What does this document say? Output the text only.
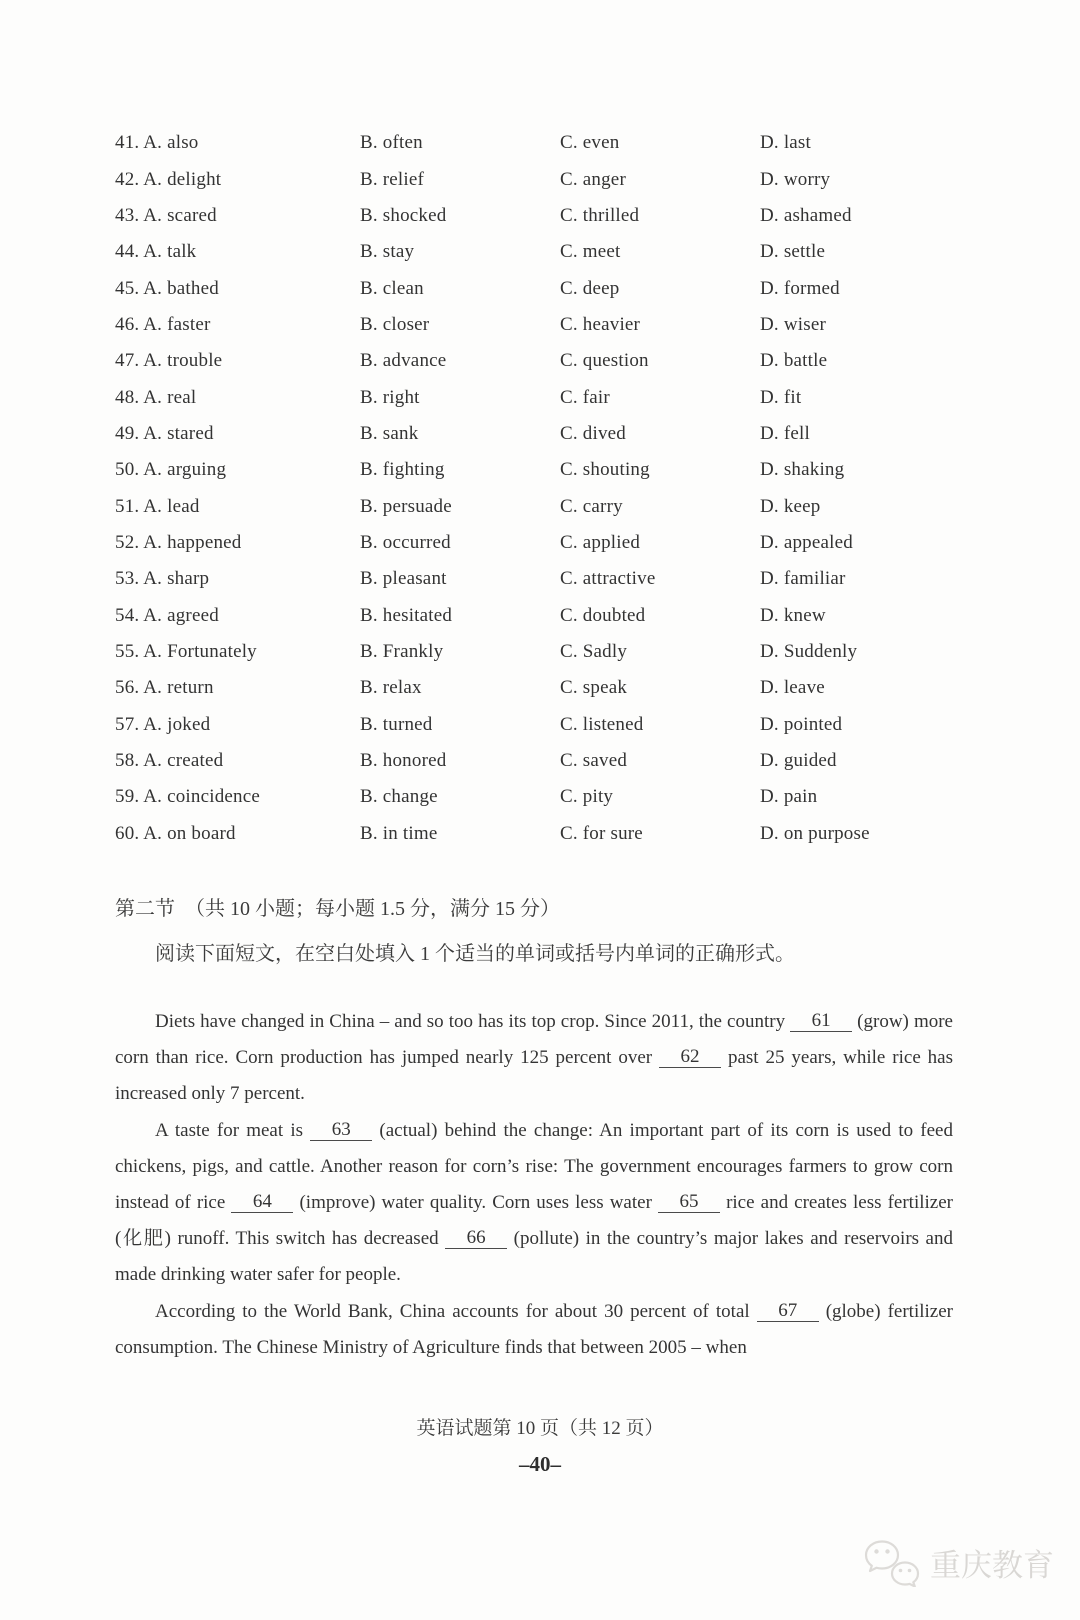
41. A. also	B. often	C. even	D. last
42. A. delight	B. relief	C. anger	D. worry
43. A. scared	B. shocked	C. thrilled	D. ashamed
44. A. talk	B. stay	C. meet	D. settle
45. A. bathed	B. clean	C. deep	D. formed
46. A. faster	B. closer	C. heavier	D. wiser
47. A. trouble	B. advance	C. question	D. battle
48. A. real	B. right	C. fair	D. fit
49. A. stared	B. sank	C. dived	D. fell
50. A. arguing	B. fighting	C. shouting	D. shaking
51. A. lead	B. persuade	C. carry	D. keep
52. A. happened	B. occurred	C. applied	D. appealed
53. A. sharp	B. pleasant	C. attractive	D. familiar
54. A. agreed	B. hesitated	C. doubted	D. knew
55. A. Fortunately	B. Frankly	C. Sadly	D. Suddenly
56. A. return	B. relax	C. speak	D. leave
57. A. joked	B. turned	C. listened	D. pointed
58. A. created	B. honored	C. saved	D. guided
59. A. coincidence	B. change	C. pity	D. pain
60. A. on board	B. in time	C. for sure	D. on purpose
第二节　（共 10 小题；每小题 1.5 分，满分 15 分）
阅读下面短文，在空白处填入 1 个适当的单词或括号内单词的正确形式。

Diets have changed in China – and so too has its top crop. Since 2011, the country 61 (grow) more corn than rice. Corn production has jumped nearly 125 percent over 62 past 25 years, while rice has increased only 7 percent.

A taste for meat is 63 (actual) behind the change: An important part of its corn is used to feed chickens, pigs, and cattle. Another reason for corn’s rise: The government encourages farmers to grow corn instead of rice 64 (improve) water quality. Corn uses less water 65 rice and creates less fertilizer (化肥) runoff. This switch has decreased 66 (pollute) in the country’s major lakes and reservoirs and made drinking water safer for people.

According to the World Bank, China accounts for about 30 percent of total 67 (globe) fertilizer consumption. The Chinese Ministry of Agriculture finds that between 2005 – when

英语试题第 10 页（共 12 页）
–40–
重庆教育
